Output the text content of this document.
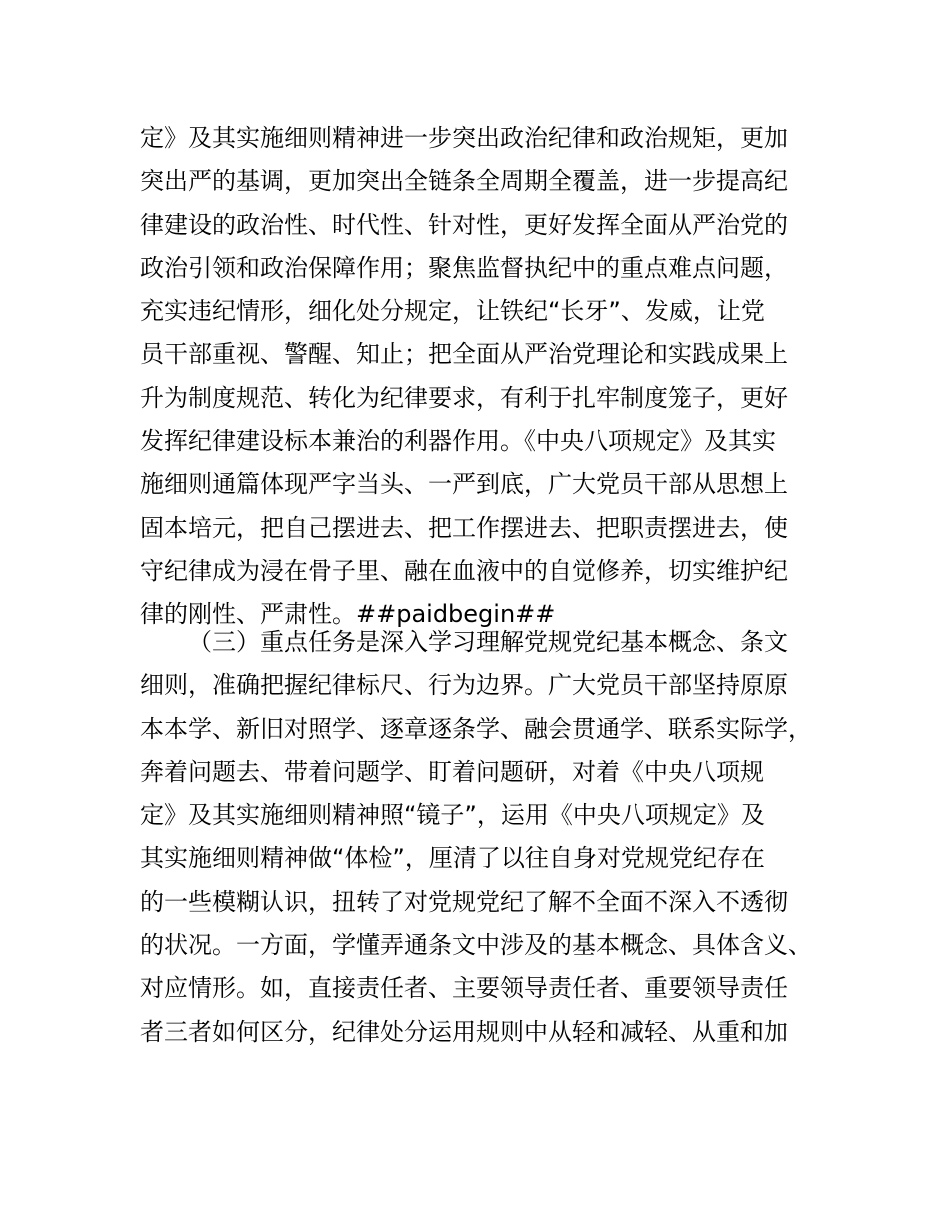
定》及其实施细则精神进一步突出政治纪律和政治规矩，更加
突出严的基调，更加突出全链条全周期全覆盖，进一步提高纪
律建设的政治性、时代性、针对性，更好发挥全面从严治党的
政治引领和政治保障作用；聚焦监督执纪中的重点难点问题，
充实违纪情形，细化处分规定，让铁纪“长牙”、发威，让党
员干部重视、警醒、知止；把全面从严治党理论和实践成果上
升为制度规范、转化为纪律要求，有利于扎牢制度笼子，更好
发挥纪律建设标本兼治的利器作用。《中央八项规定》及其实
施细则通篇体现严字当头、一严到底，广大党员干部从思想上
固本培元，把自己摆进去、把工作摆进去、把职责摆进去，使
守纪律成为浸在骨子里、融在血液中的自觉修养，切实维护纪
律的刚性、严肃性。##paidbegin##
（三）重点任务是深入学习理解党规党纪基本概念、条文
细则，准确把握纪律标尺、行为边界。广大党员干部坚持原原
本本学、新旧对照学、逐章逐条学、融会贯通学、联系实际学，
奔着问题去、带着问题学、盯着问题研，对着《中央八项规
定》及其实施细则精神照“镜子”，运用《中央八项规定》及
其实施细则精神做“体检”，厘清了以往自身对党规党纪存在
的一些模糊认识，扭转了对党规党纪了解不全面不深入不透彻
的状况。一方面，学懂弄通条文中涉及的基本概念、具体含义、
对应情形。如，直接责任者、主要领导责任者、重要领导责任
者三者如何区分，纪律处分运用规则中从轻和减轻、从重和加
